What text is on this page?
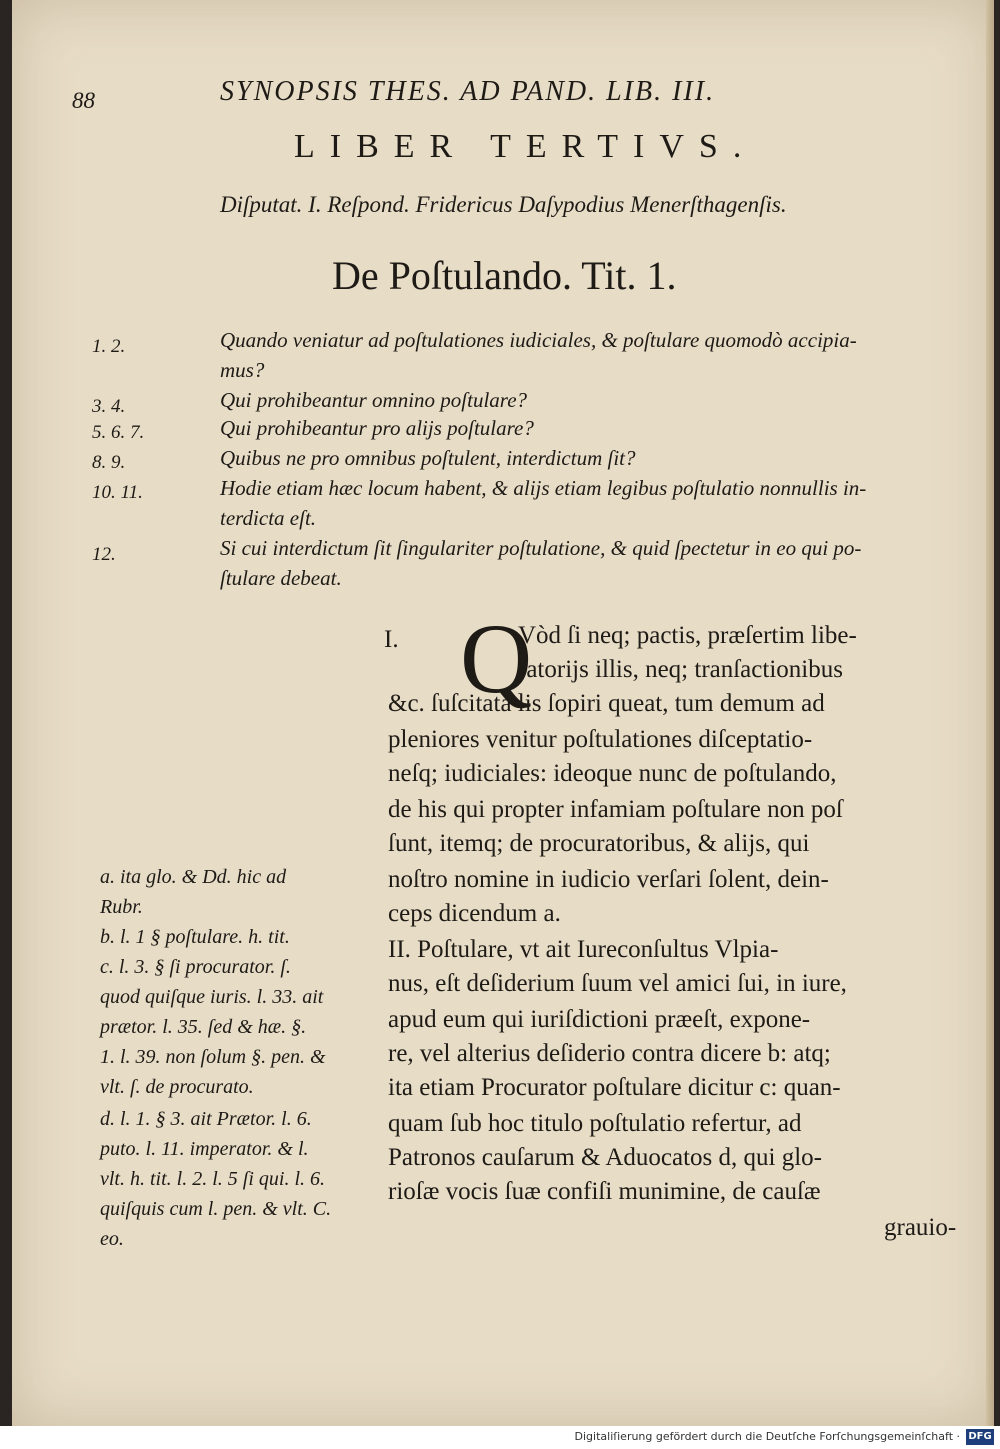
88	SYNOPSIS THES. AD PAND. LIB. III.
LIBER TERTIVS.
Diſputat. I. Reſpond. Fridericus Daſypodius Menerſthagenſis.
De Poſtulando. Tit. 1.
1. 2.	Quando veniatur ad poſtulationes iudiciales, & poſtulare quomodò accipia-
mus?
3. 4.	Qui prohibeantur omnino poſtulare?
5. 6. 7.	Qui prohibeantur pro alijs poſtulare?
8. 9.	Quibus ne pro omnibus poſtulent, interdictum ſit?
10. 11.	Hodie etiam hæc locum habent, & alijs etiam legibus poſtulatio nonnullis in-
terdicta eſt.
12.	Si cui interdictum ſit ſingulariter poſtulatione, & quid ſpectetur in eo qui po-
ſtulare debeat.
I. Q
Vòd ſi neq; pactis, præſertim libe-
ratorijs illis, neq; tranſactionibus
&c. ſuſcitata lis ſopiri queat, tum demum ad
pleniores venitur poſtulationes diſceptatio-
neſq; iudiciales: ideoque nunc de poſtulando,
de his qui propter infamiam poſtulare non poſ
ſunt, itemq; de procuratoribus, & alijs, qui
noſtro nomine in iudicio verſari ſolent, dein-
ceps dicendum a.
II. Poſtulare, vt ait Iureconſultus Vlpia-
nus, eſt deſiderium ſuum vel amici ſui, in iure,
apud eum qui iuriſdictioni præeſt, expone-
re, vel alterius deſiderio contra dicere b: atq;
ita etiam Procurator poſtulare dicitur c: quan-
quam ſub hoc titulo poſtulatio refertur, ad
Patronos cauſarum & Aduocatos d, qui glo-
rioſæ vocis ſuæ confiſi munimine, de cauſæ
grauio-
a. ita glo. & Dd. hic ad
Rubr.
b. l. 1 § poſtulare. h. tit.
c. l. 3. § ſi procurator. ſ.
quod quiſque iuris. l. 33. ait
prætor. l. 35. ſed & hæ. §.
1. l. 39. non ſolum §. pen. &
vlt. ſ. de procurato.
d. l. 1. § 3. ait Prætor. l. 6.
puto. l. 11. imperator. & l.
vlt. h. tit. l. 2. l. 5 ſi qui. l. 6.
quiſquis cum l. pen. & vlt. C.
eo.
Digitaliſierung gefördert durch die Deutſche Forſchungsgemeinſchaft · DFG
